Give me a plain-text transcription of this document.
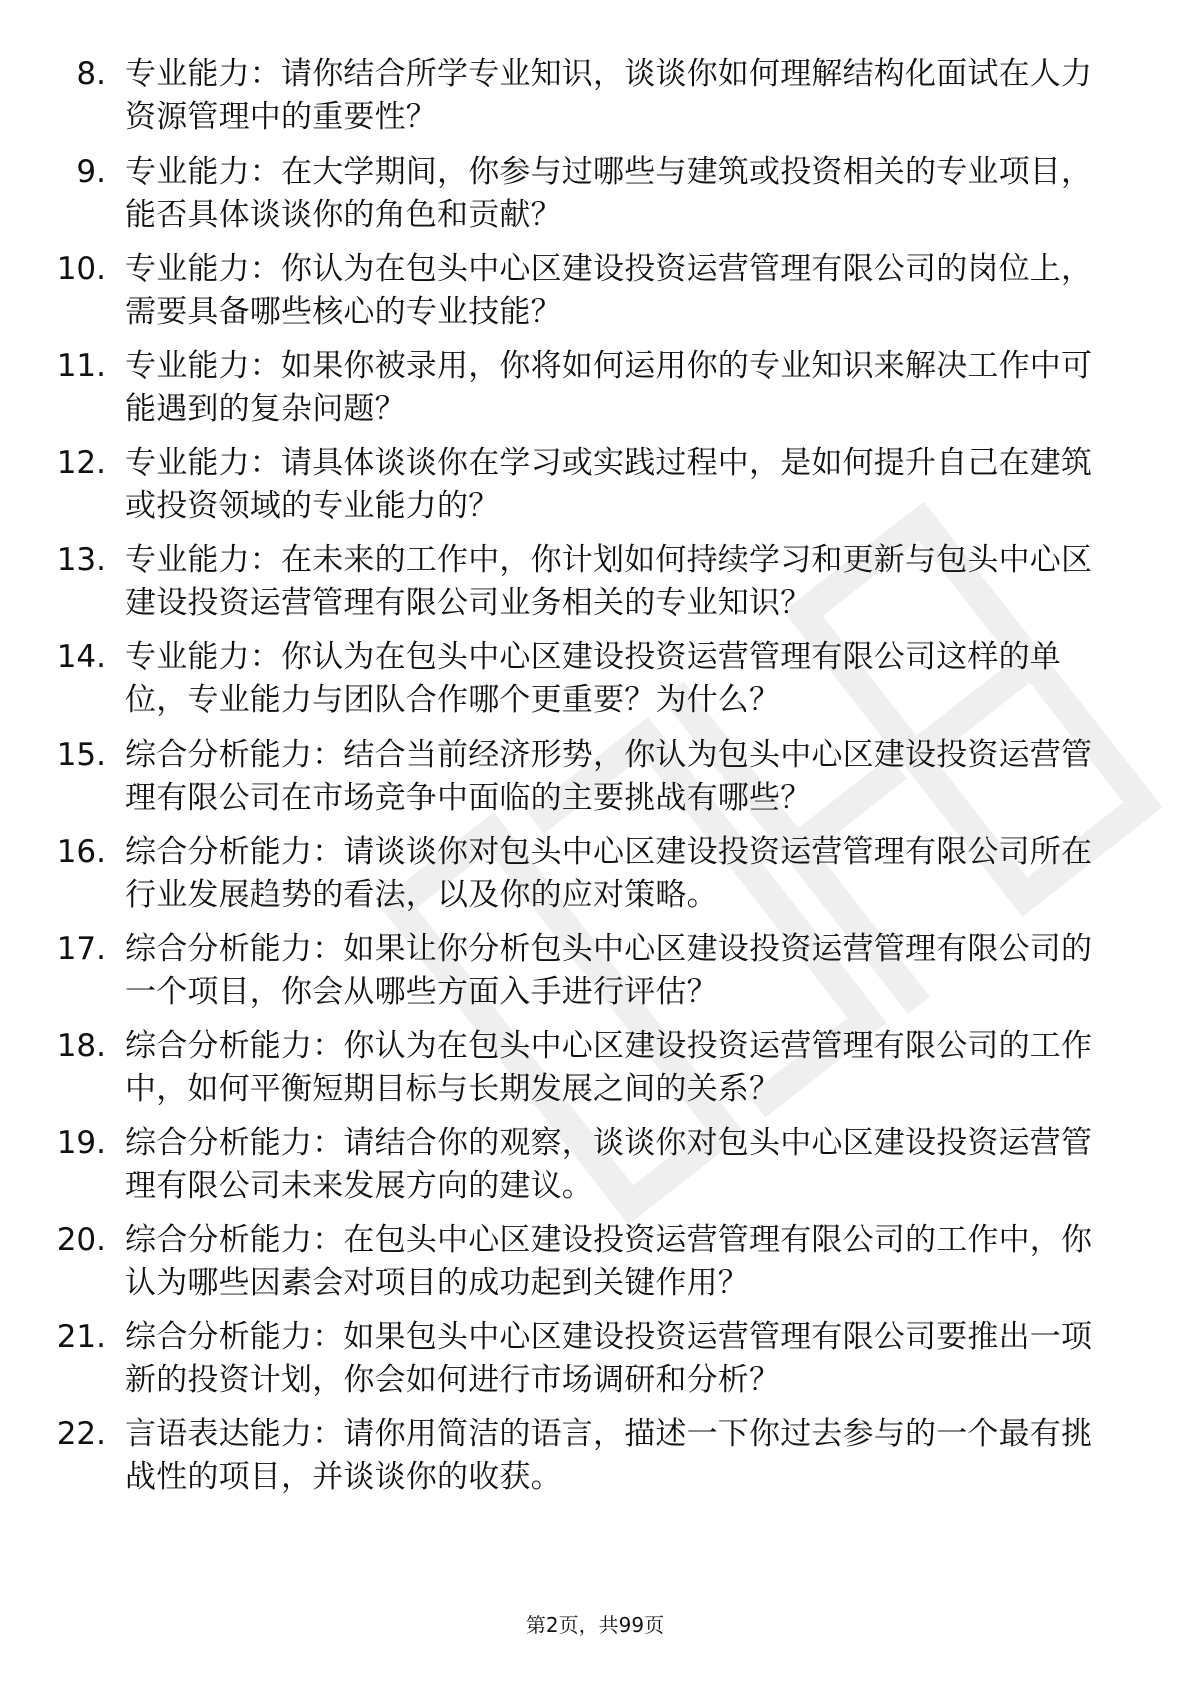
8. 专业能力：请你结合所学专业知识，谈谈你如何理解结构化面试在人力资源管理中的重要性？
9. 专业能力：在大学期间，你参与过哪些与建筑或投资相关的专业项目，能否具体谈谈你的角色和贡献？
10. 专业能力：你认为在包头中心区建设投资运营管理有限公司的岗位上，需要具备哪些核心的专业技能？
11. 专业能力：如果你被录用，你将如何运用你的专业知识来解决工作中可能遇到的复杂问题？
12. 专业能力：请具体谈谈你在学习或实践过程中，是如何提升自己在建筑或投资领域的专业能力的？
13. 专业能力：在未来的工作中，你计划如何持续学习和更新与包头中心区建设投资运营管理有限公司业务相关的专业知识？
14. 专业能力：你认为在包头中心区建设投资运营管理有限公司这样的单位，专业能力与团队合作哪个更重要？为什么？
15. 综合分析能力：结合当前经济形势，你认为包头中心区建设投资运营管理有限公司在市场竞争中面临的主要挑战有哪些？
16. 综合分析能力：请谈谈你对包头中心区建设投资运营管理有限公司所在行业发展趋势的看法，以及你的应对策略。
17. 综合分析能力：如果让你分析包头中心区建设投资运营管理有限公司的一个项目，你会从哪些方面入手进行评估？
18. 综合分析能力：你认为在包头中心区建设投资运营管理有限公司的工作中，如何平衡短期目标与长期发展之间的关系？
19. 综合分析能力：请结合你的观察，谈谈你对包头中心区建设投资运营管理有限公司未来发展方向的建议。
20. 综合分析能力：在包头中心区建设投资运营管理有限公司的工作中，你认为哪些因素会对项目的成功起到关键作用？
21. 综合分析能力：如果包头中心区建设投资运营管理有限公司要推出一项新的投资计划，你会如何进行市场调研和分析？
22. 言语表达能力：请你用简洁的语言，描述一下你过去参与的一个最有挑战性的项目，并谈谈你的收获。
第2页，共99页
